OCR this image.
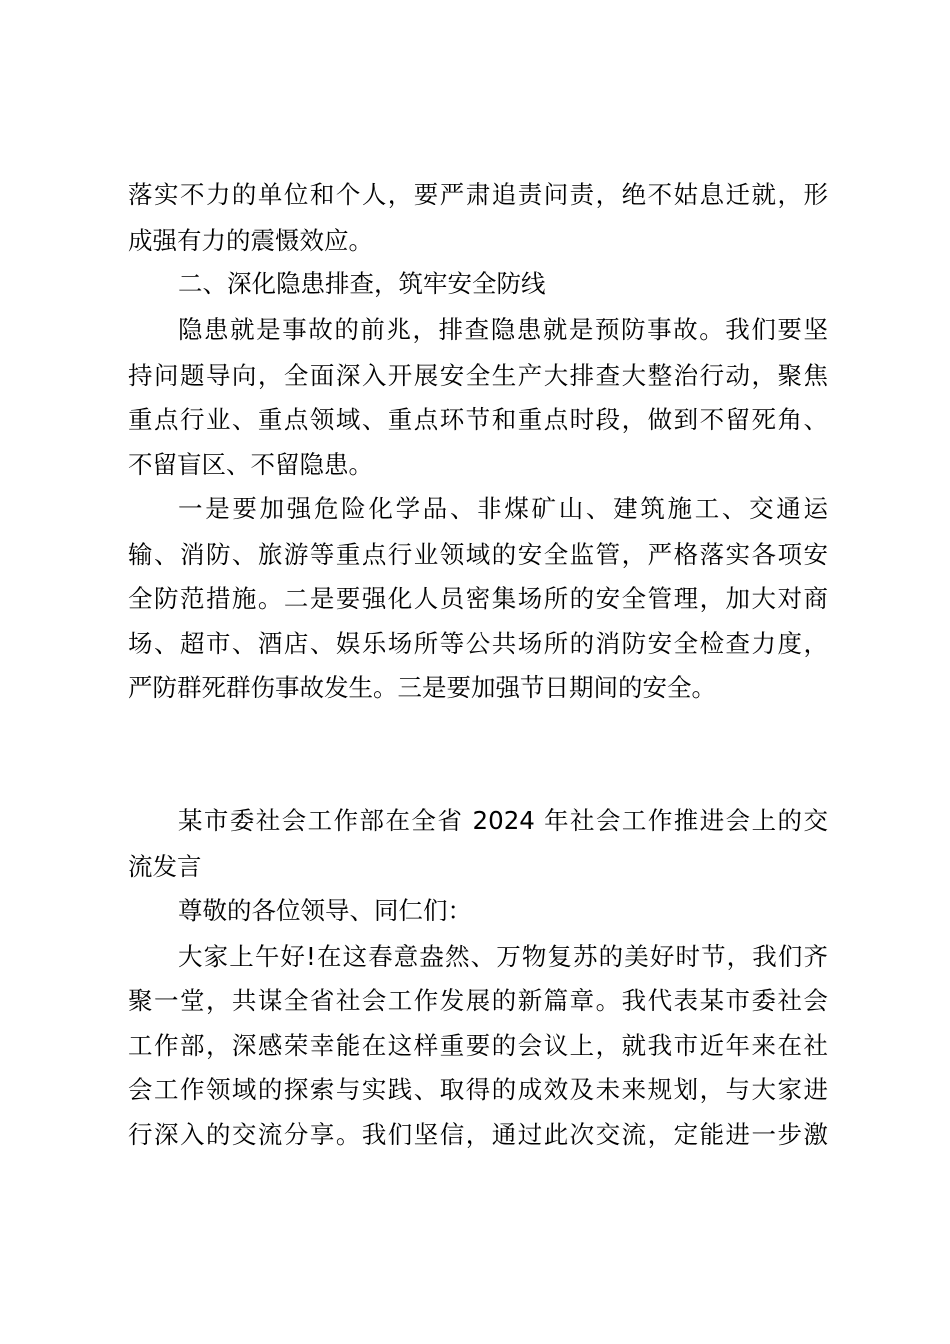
落实不力的单位和个人，要严肃追责问责，绝不姑息迁就，形
成强有力的震慑效应。
二、深化隐患排查，筑牢安全防线
隐患就是事故的前兆，排查隐患就是预防事故。我们要坚
持问题导向，全面深入开展安全生产大排查大整治行动，聚焦
重点行业、重点领域、重点环节和重点时段，做到不留死角、
不留盲区、不留隐患。
一是要加强危险化学品、非煤矿山、建筑施工、交通运
输、消防、旅游等重点行业领域的安全监管，严格落实各项安
全防范措施。二是要强化人员密集场所的安全管理，加大对商
场、超市、酒店、娱乐场所等公共场所的消防安全检查力度，
严防群死群伤事故发生。三是要加强节日期间的安全。
某市委社会工作部在全省 2024 年社会工作推进会上的交
流发言
尊敬的各位领导、同仁们：
大家上午好!在这春意盎然、万物复苏的美好时节，我们齐
聚一堂，共谋全省社会工作发展的新篇章。我代表某市委社会
工作部，深感荣幸能在这样重要的会议上，就我市近年来在社
会工作领域的探索与实践、取得的成效及未来规划，与大家进
行深入的交流分享。我们坚信，通过此次交流，定能进一步激
